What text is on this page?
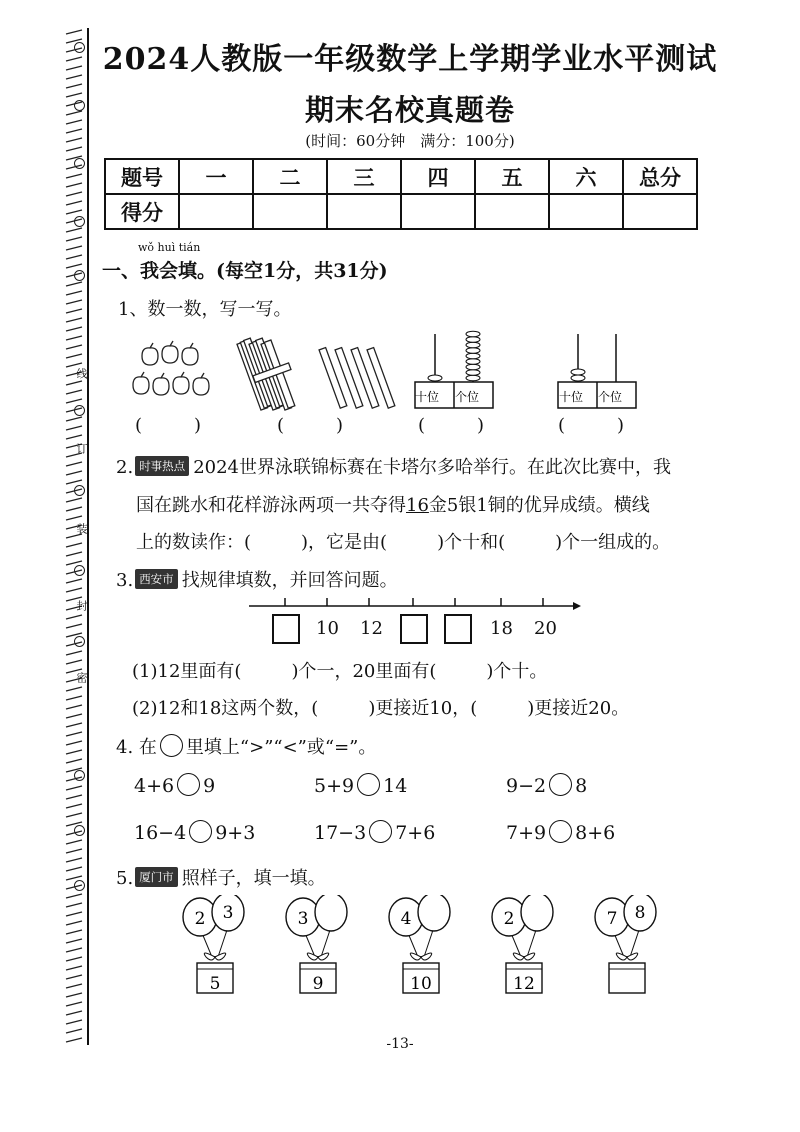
线
订
装
封
密
2024人教版一年级数学上学期学业水平测试
期末名校真题卷
(时间：60分钟　满分：100分)
题号	一	二	三	四	五	六	总分
得分							
wǒ huì tián
一、我会填。(每空1分，共31分)
1、数一数，写一写。
十位 个位	十位 个位
(	)	(	)	(	)	(	)
2. 时事热点 2024世界泳联锦标赛在卡塔尔多哈举行。在此次比赛中，我
国在跳水和花样游泳两项一共夺得16金5银1铜的优异成绩。横线
上的数读作：(	)，它是由(	)个十和(	)个一组成的。
3. 西安市 找规律填数，并回答问题。
10 12	18 20
(1)12里面有(	)个一，20里面有(	)个十。
(2)12和18这两个数，(	)更接近10，(	)更接近20。
4. 在 里填上“>”“<”或“=”。
4+6 9	5+9 14	9−2 8
16−4 9+3	17−3 7+6	7+9 8+6
5. 厦门市 照样子，填一填。
2 3
5
3
9
4
10
2
12
7 8
-13-
